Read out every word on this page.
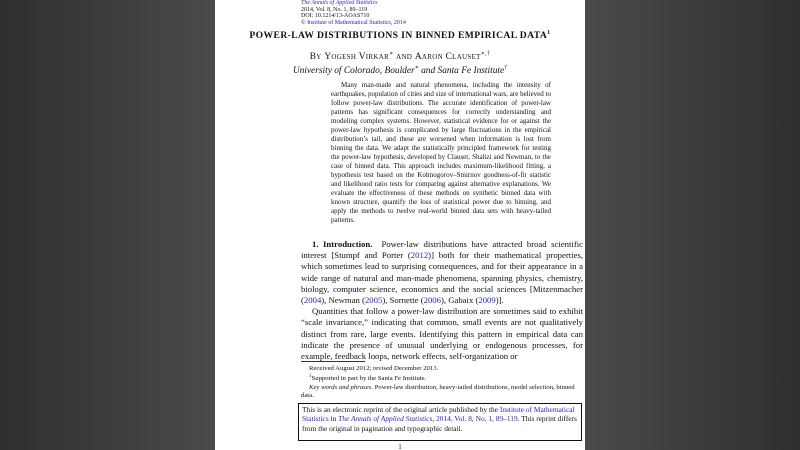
The Annals of Applied Statistics
2014, Vol. 8, No. 1, 89–119
DOI: 10.1214/13-AOAS710
© Institute of Mathematical Statistics, 2014
POWER-LAW DISTRIBUTIONS IN BINNED EMPIRICAL DATA$^1$
By Yogesh Virkar∗ and Aaron Clauset∗,†
University of Colorado, Boulder∗ and Santa Fe Institute†
Many man-made and natural phenomena, including the intensity of earthquakes, population of cities and size of international wars, are believed to follow power-law distributions. The accurate identification of power-law patterns has significant consequences for correctly understanding and modeling complex systems. However, statistical evidence for or against the power-law hypothesis is complicated by large fluctuations in the empirical distribution’s tail, and these are worsened when information is lost from binning the data. We adapt the statistically principled framework for testing the power-law hypothesis, developed by Clauset, Shalizi and Newman, to the case of binned data. This approach includes maximum-likelihood fitting, a hypothesis test based on the Kolmogorov–Smirnov goodness-of-fit statistic and likelihood ratio tests for comparing against alternative explanations. We evaluate the effectiveness of these methods on synthetic binned data with known structure, quantify the loss of statistical power due to binning, and apply the methods to twelve real-world binned data sets with heavy-tailed patterns.

1. Introduction. Power-law distributions have attracted broad scientific interest [Stumpf and Porter (2012)] both for their mathematical properties, which sometimes lead to surprising consequences, and for their appearance in a wide range of natural and man-made phenomena, spanning physics, chemistry, biology, computer science, economics and the social sciences [Mitzenmacher (2004), Newman (2005), Sornette (2006), Gabaix (2009)].

Quantities that follow a power-law distribution are sometimes said to exhibit “scale invariance,” indicating that common, small events are not qualitatively distinct from rare, large events. Identifying this pattern in empirical data can indicate the presence of unusual underlying or endogenous processes, for example, feedback loops, network effects, self-organization or

Received August 2012; revised December 2013.

$^1$Supported in part by the Santa Fe Institute.

Key words and phrases. Power-law distribution, heavy-tailed distributions, model selection, binned data.

This is an electronic reprint of the original article published by the Institute of Mathematical Statistics in The Annals of Applied Statistics, 2014, Vol. 8, No. 1, 89–119. This reprint differs from the original in pagination and typographic detail.
1
